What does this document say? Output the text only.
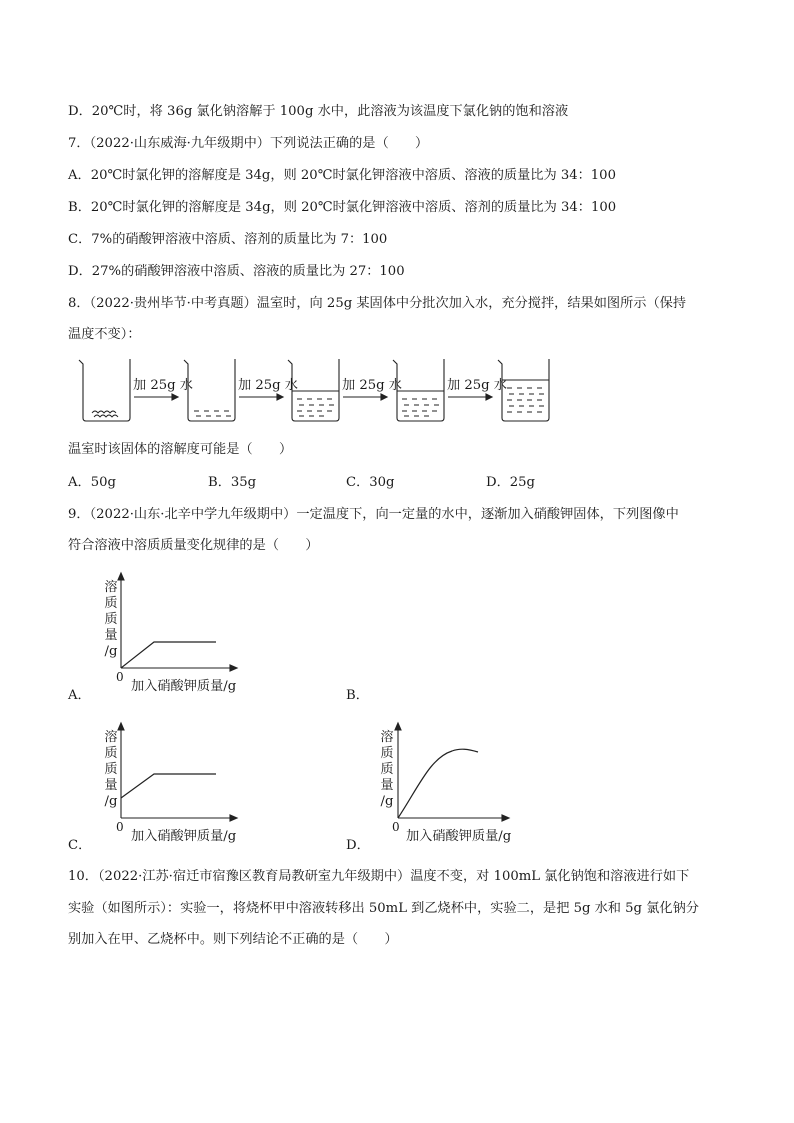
D．20℃时，将 36g 氯化钠溶解于 100g 水中，此溶液为该温度下氯化钠的饱和溶液
7．（2022·山东威海·九年级期中）下列说法正确的是（　　）
A．20℃时氯化钾的溶解度是 34g，则 20℃时氯化钾溶液中溶质、溶液的质量比为 34：100
B．20℃时氯化钾的溶解度是 34g，则 20℃时氯化钾溶液中溶质、溶剂的质量比为 34：100
C．7%的硝酸钾溶液中溶质、溶剂的质量比为 7：100
D．27%的硝酸钾溶液中溶质、溶液的质量比为 27：100
8．（2022·贵州毕节·中考真题）温室时，向 25g 某固体中分批次加入水，充分搅拌，结果如图所示（保持
温度不变）：
加 25g 水	加 25g 水	加 25g 水	加 25g 水
温室时该固体的溶解度可能是（　　）
A．50g	B．35g	C．30g	D．25g
9．（2022·山东·北辛中学九年级期中）一定温度下，向一定量的水中，逐渐加入硝酸钾固体，下列图像中
符合溶液中溶质质量变化规律的是（　　）
溶
质
质
量
/g
0
加入硝酸钾质量/g
A．	B．
溶
质
质
量
/g
0
加入硝酸钾质量/g
溶
质
质
量
/g
0
加入硝酸钾质量/g
C．	D．
10．（2022·江苏·宿迁市宿豫区教育局教研室九年级期中）温度不变，对 100mL 氯化钠饱和溶液进行如下
实验（如图所示）：实验一，将烧杯甲中溶液转移出 50mL 到乙烧杯中，实验二，是把 5g 水和 5g 氯化钠分
别加入在甲、乙烧杯中。则下列结论不正确的是（　　）
